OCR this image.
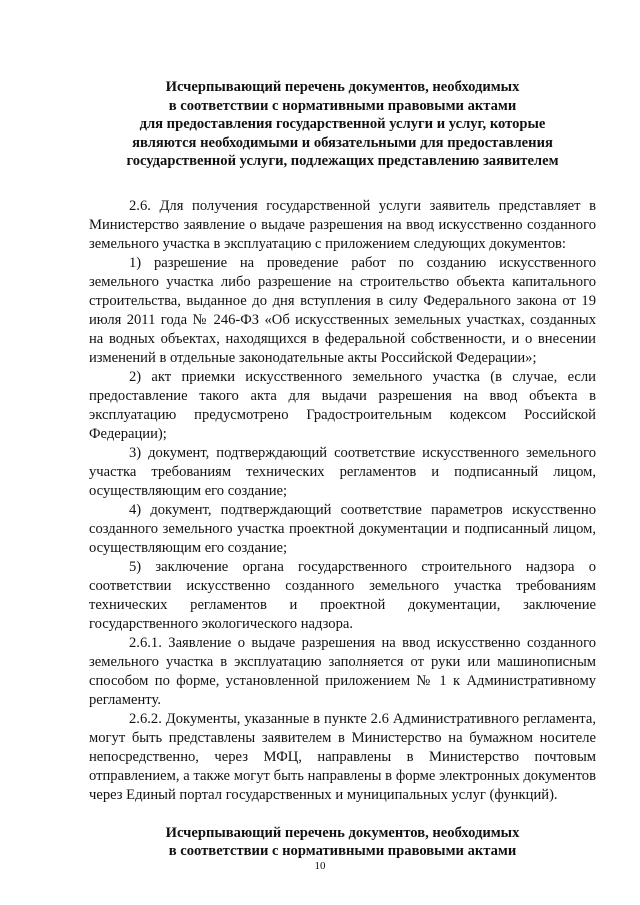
Исчерпывающий перечень документов, необходимых
в соответствии с нормативными правовыми актами
для предоставления государственной услуги и услуг, которые
являются необходимыми и обязательными для предоставления
государственной услуги, подлежащих представлению заявителем

2.6. Для получения государственной услуги заявитель представляет в Министерство заявление о выдаче разрешения на ввод искусственно созданного земельного участка в эксплуатацию с приложением следующих документов:

1) разрешение на проведение работ по созданию искусственного земельного участка либо разрешение на строительство объекта капитального строительства, выданное до дня вступления в силу Федерального закона от 19 июля 2011 года № 246-ФЗ «Об искусственных земельных участках, созданных на водных объектах, находящихся в федеральной собственности, и о внесении изменений в отдельные законодательные акты Российской Федерации»;

2) акт приемки искусственного земельного участка (в случае, если предоставление такого акта для выдачи разрешения на ввод объекта в эксплуатацию предусмотрено Градостроительным кодексом Российской Федерации);

3) документ, подтверждающий соответствие искусственного земельного участка требованиям технических регламентов и подписанный лицом, осуществляющим его создание;

4) документ, подтверждающий соответствие параметров искусственно созданного земельного участка проектной документации и подписанный лицом, осуществляющим его создание;

5) заключение органа государственного строительного надзора о соответствии искусственно созданного земельного участка требованиям технических регламентов и проектной документации, заключение государственного экологического надзора.

2.6.1. Заявление о выдаче разрешения на ввод искусственно созданного земельного участка в эксплуатацию заполняется от руки или машинописным способом по форме, установленной приложением № 1 к Административному регламенту.

2.6.2. Документы, указанные в пункте 2.6 Административного регламента, могут быть представлены заявителем в Министерство на бумажном носителе непосредственно, через МФЦ, направлены в Министерство почтовым отправлением, а также могут быть направлены в форме электронных документов через Единый портал государственных и муниципальных услуг (функций).

Исчерпывающий перечень документов, необходимых
в соответствии с нормативными правовыми актами
10
